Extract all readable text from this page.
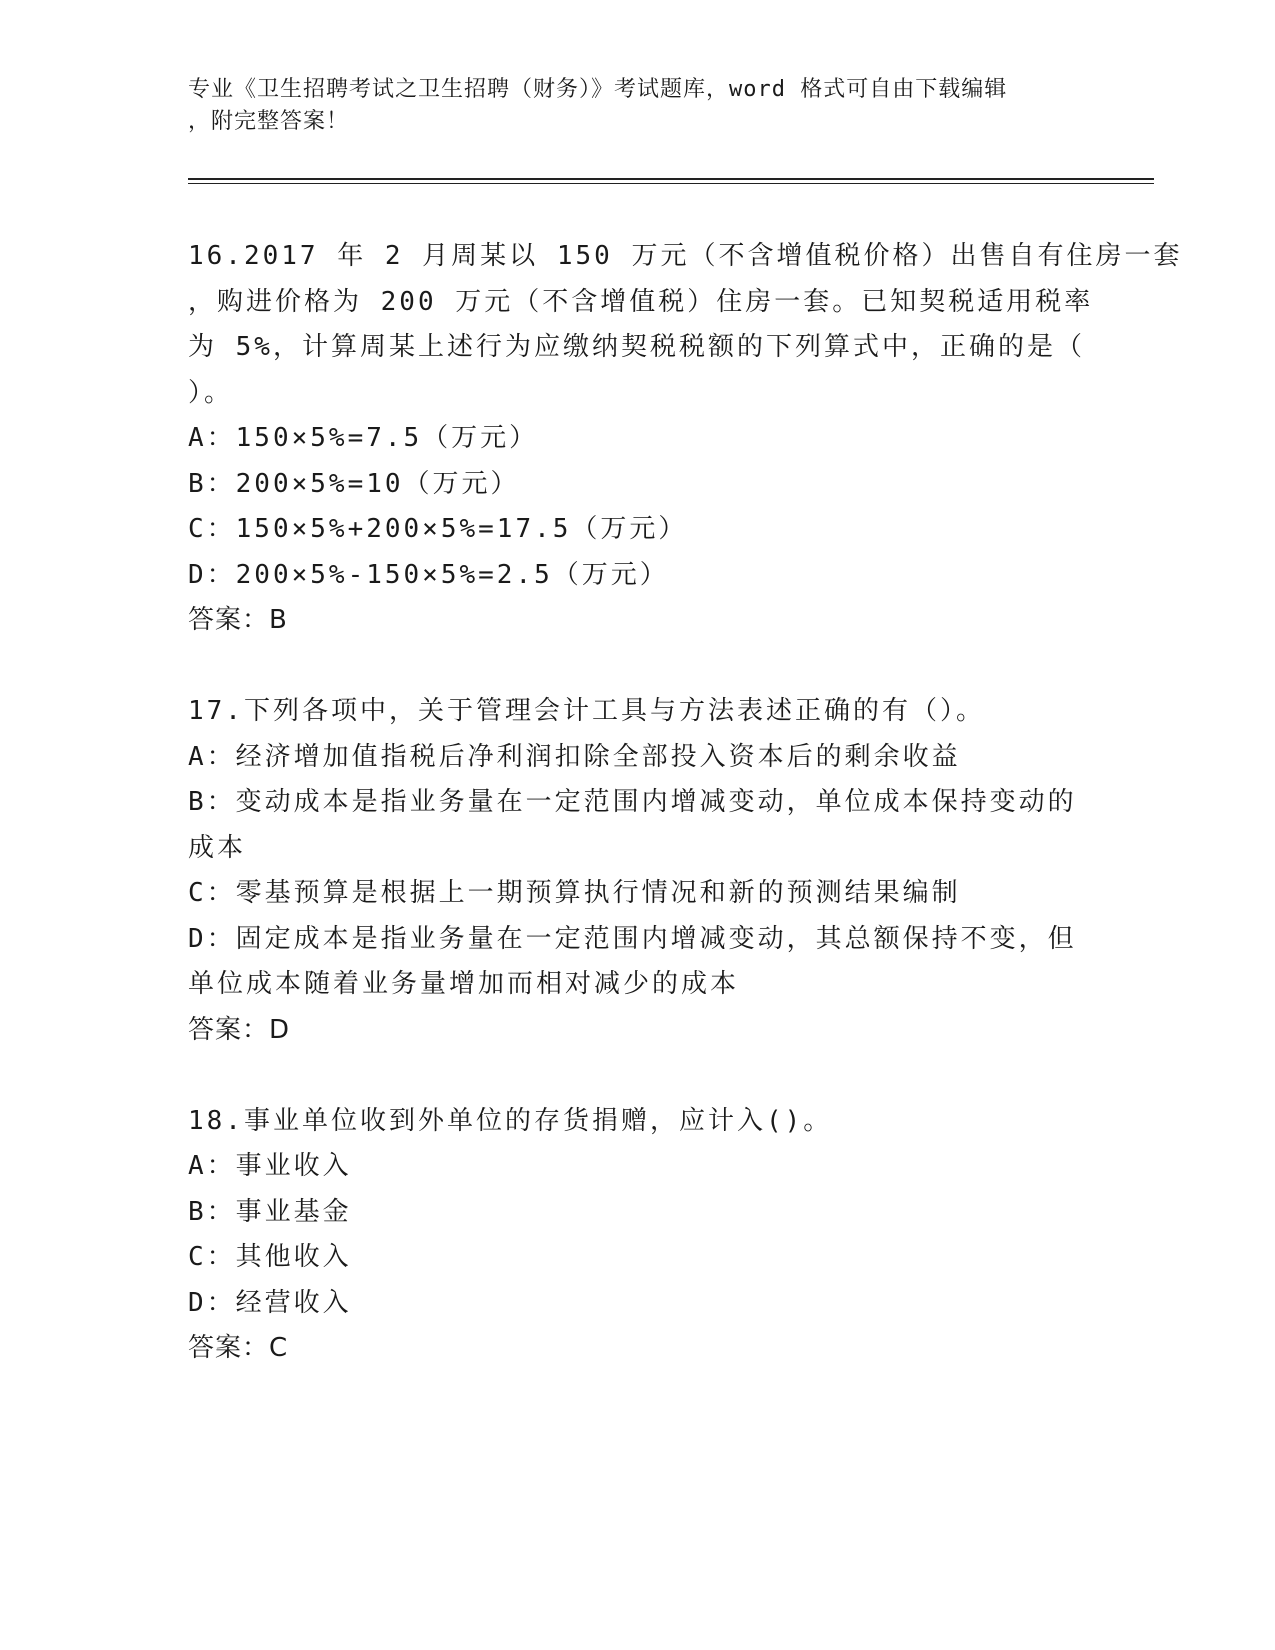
专业《卫生招聘考试之卫生招聘（财务）》考试题库，word 格式可自由下载编辑
，附完整答案！
16.2017 年 2 月周某以 150 万元（不含增值税价格）出售自有住房一套
，购进价格为 200 万元（不含增值税）住房一套。已知契税适用税率
为 5%，计算周某上述行为应缴纳契税税额的下列算式中，正确的是（
）。
A：150×5%=7.5（万元）
B：200×5%=10（万元）
C：150×5%+200×5%=17.5（万元）
D：200×5%-150×5%=2.5（万元）
答案：B
17.下列各项中，关于管理会计工具与方法表述正确的有（）。
A：经济增加值指税后净利润扣除全部投入资本后的剩余收益
B：变动成本是指业务量在一定范围内增减变动，单位成本保持变动的
成本
C：零基预算是根据上一期预算执行情况和新的预测结果编制
D：固定成本是指业务量在一定范围内增减变动，其总额保持不变，但
单位成本随着业务量增加而相对减少的成本
答案：D
18.事业单位收到外单位的存货捐赠，应计入()。
A：事业收入
B：事业基金
C：其他收入
D：经营收入
答案：C
